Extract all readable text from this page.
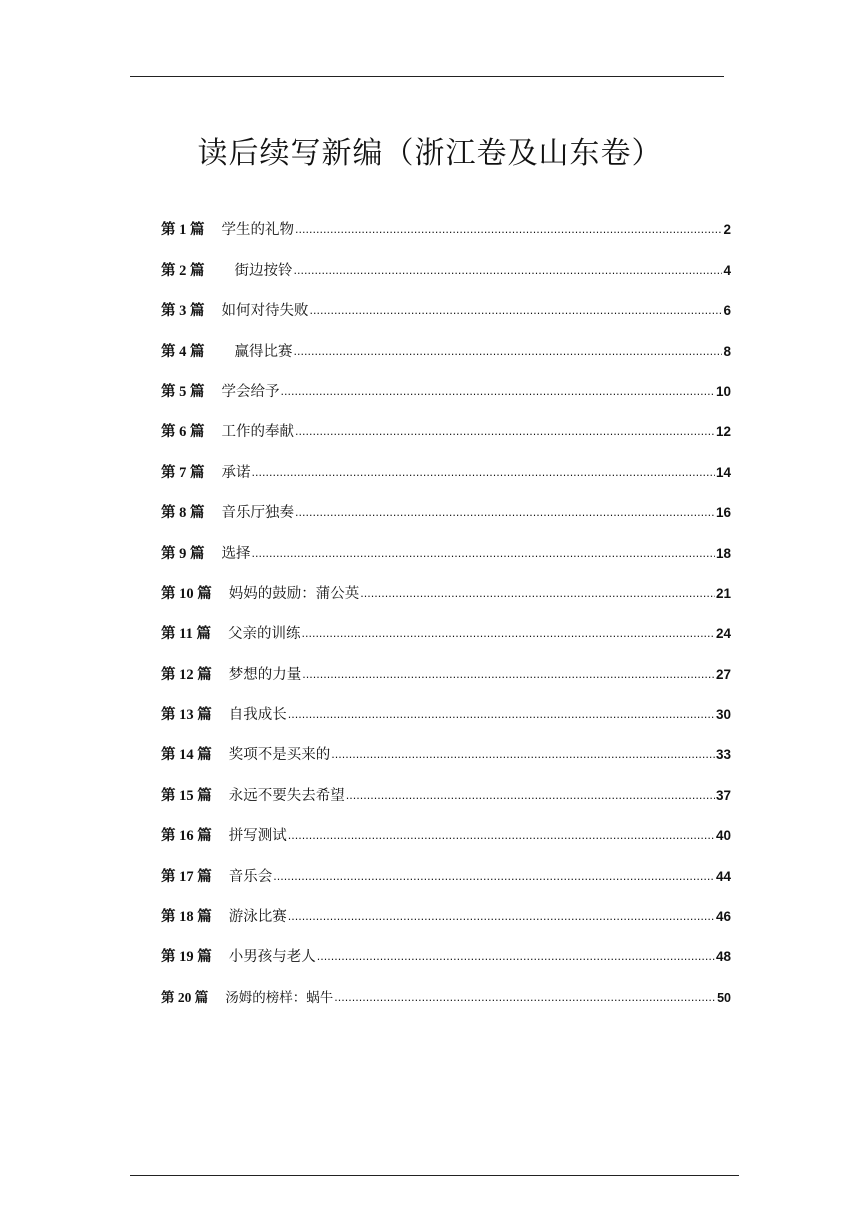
读后续写新编（浙江卷及山东卷）
第 1 篇 学生的礼物 .....	2
第 2 篇 街边按铃 .....	4
第 3 篇 如何对待失败 .....	6
第 4 篇 赢得比赛 .....	8
第 5 篇 学会给予 .....	10
第 6 篇 工作的奉献 .....	12
第 7 篇 承诺 .....	14
第 8 篇 音乐厅独奏 .....	16
第 9 篇 选择 .....	18
第 10 篇 妈妈的鼓励：蒲公英 .....	21
第 11 篇 父亲的训练 .....	24
第 12 篇 梦想的力量 .....	27
第 13 篇 自我成长 .....	30
第 14 篇 奖项不是买来的 .....	33
第 15 篇 永远不要失去希望 .....	37
第 16 篇 拼写测试 .....	40
第 17 篇 音乐会 .....	44
第 18 篇 游泳比赛 .....	46
第 19 篇 小男孩与老人 .....	48
第 20 篇 汤姆的榜样：蜗牛 .....	50
